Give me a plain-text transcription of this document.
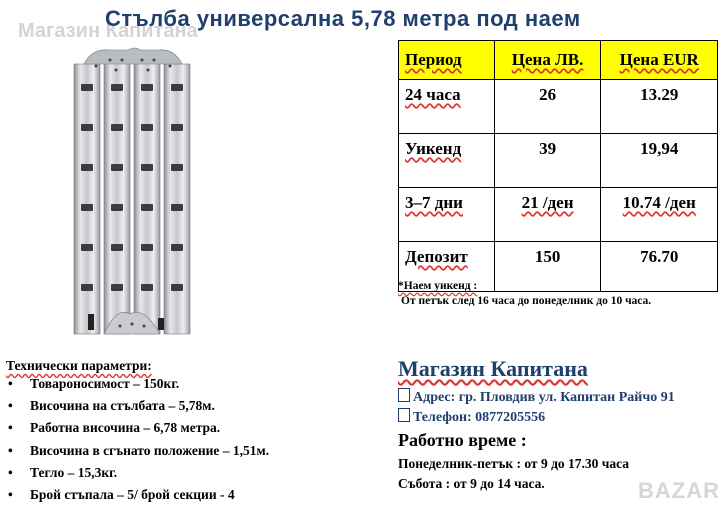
Магазин Капитана
Стълба универсална 5,78 метра под наем
Период	Цена ЛВ.	Цена EUR
24 часа	26	13.29
Уикенд	39	19,94
3–7 дни	21 /ден	10.74 /ден
Депозит	150	76.70
*Наем уикенд :
От петък след 16 часа до понеделник до 10 часа.
Технически параметри:
• Товароносимост – 150кг.
• Височина на стълбата – 5,78м.
• Работна височина – 6,78 метра.
• Височина в сгънато положение – 1,51м.
• Тегло – 15,3кг.
• Брой стъпала – 5/ брой секции - 4
Магазин Капитана
Адрес: гр. Пловдив ул. Капитан Райчо 91
Телефон: 0877205556
Работно време :
Понеделник-петък : от 9 до 17.30 часа
Събота : от 9 до 14 часа.	BAZAR
